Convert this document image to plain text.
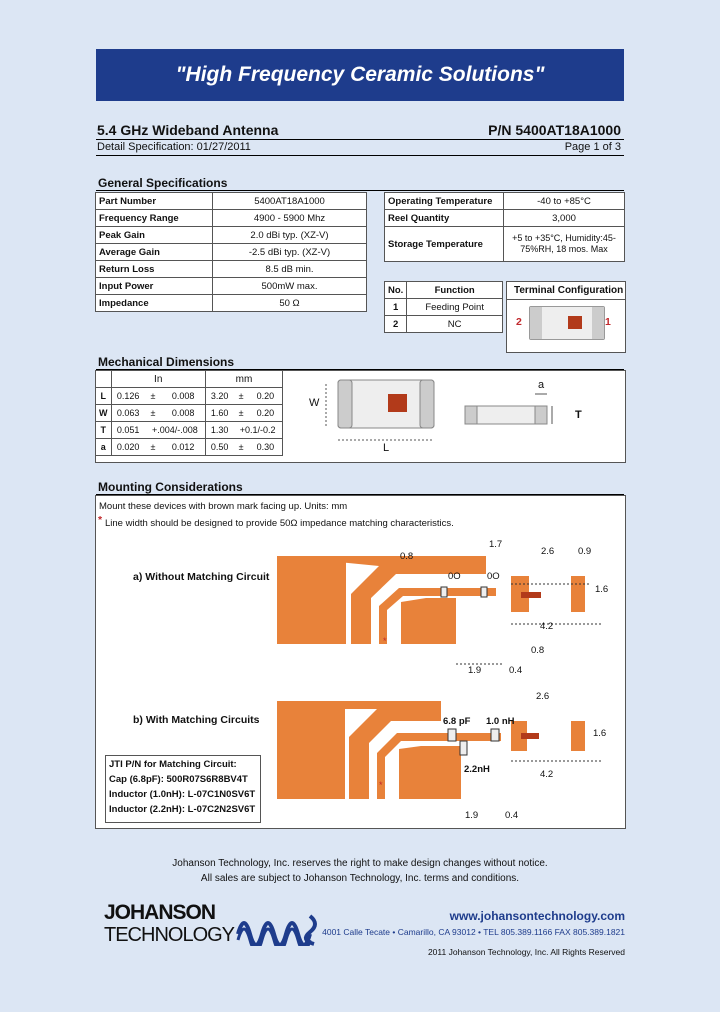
"High Frequency Ceramic Solutions"
5.4 GHz Wideband Antenna	P/N 5400AT18A1000
Detail Specification: 01/27/2011	Page 1 of 3
General Specifications
Part Number	5400AT18A1000
Frequency Range	4900 - 5900 Mhz
Peak Gain	2.0 dBi typ. (XZ-V)
Average Gain	-2.5 dBi typ. (XZ-V)
Return Loss	8.5 dB min.
Input Power	500mW max.
Impedance	50 Ω
Operating Temperature	-40 to +85°C
Reel Quantity	3,000
Storage Temperature	+5 to +35°C, Humidity:45-75%RH, 18 mos. Max
No.	Function
1	Feeding Point
2	NC
Terminal Configuration
2	1
Mechanical Dimensions
	In			mm		
L	0.126	±	0.008	3.20	±	0.20
W	0.063	±	0.008	1.60	±	0.20
T	0.051	+.004/-.008		1.30	+0.1/-0.2	
a	0.020	±	0.012	0.50	±	0.30
W
L
a
T
Mounting Considerations
Mount these devices with brown mark facing up. Units: mm
* Line width should be designed to provide 50Ω impedance matching characteristics.
a) Without Matching Circuit
*
0.8
1.7
2.6	0.9
0O	0O
1.6
4.2
0.8
1.9	0.4
b) With Matching Circuits
*
2.6
6.8 pF 1.0 nH
1.6
2.2nH	4.2
1.9	0.4
JTI P/N for Matching Circuit:
Cap (6.8pF): 500R07S6R8BV4T
Inductor (1.0nH): L-07C1N0SV6T
Inductor (2.2nH): L-07C2N2SV6T
Johanson Technology, Inc. reserves the right to make design changes without notice.
All sales are subject to Johanson Technology, Inc. terms and conditions.
JOHANSON
TECHNOLOGY
www.johansontechnology.com
4001 Calle Tecate • Camarillo, CA 93012 • TEL 805.389.1166 FAX 805.389.1821
2011 Johanson Technology, Inc. All Rights Reserved
